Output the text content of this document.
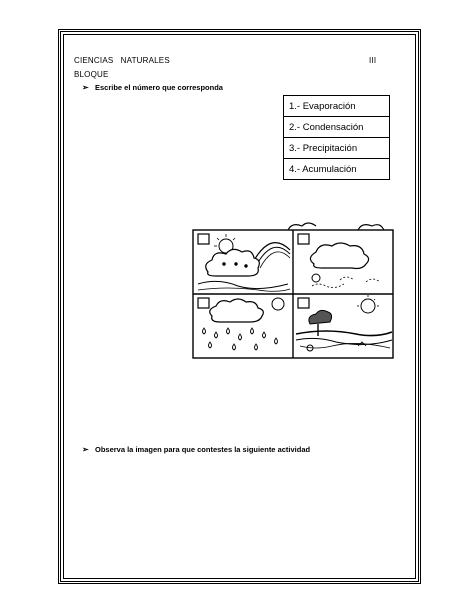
CIENCIAS   NATURALES	III
BLOQUE
➢ Escribe el número que corresponda
1.- Evaporación
2.- Condensación
3.- Precipitación
4.- Acumulación
➢ Observa la imagen para que contestes la siguiente actividad
